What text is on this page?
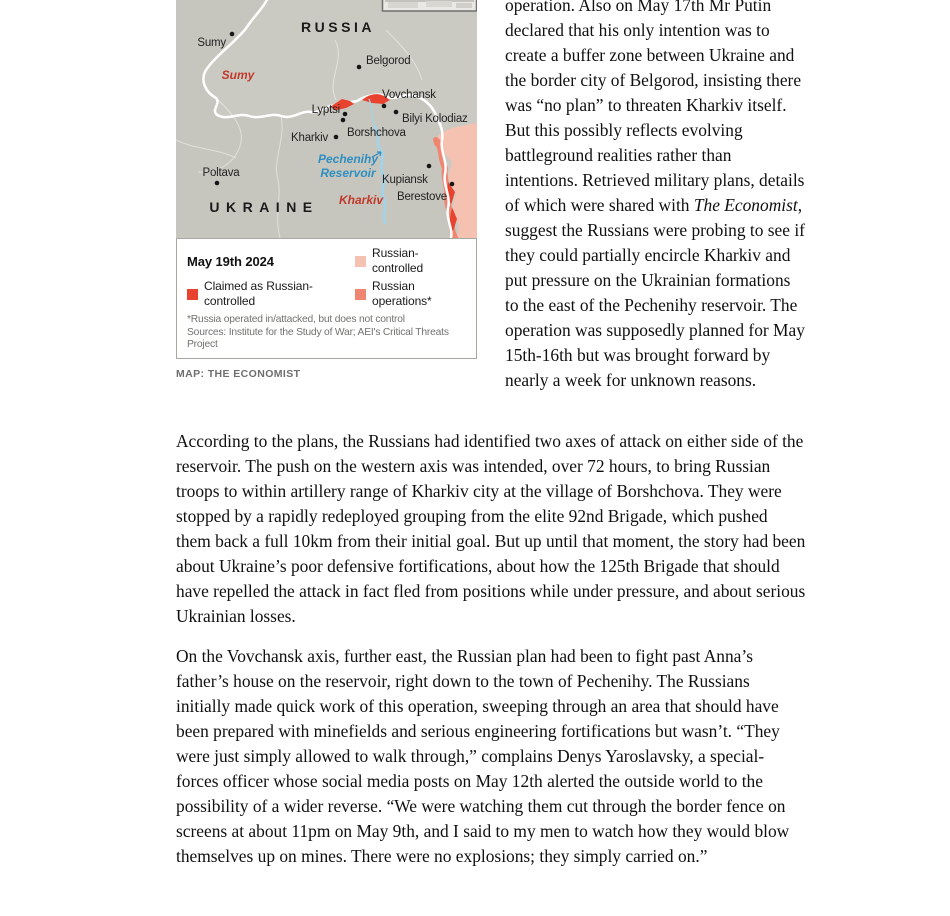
RUSSIA
UKRAINE
Sumy
Kharkiv
Sumy
Belgorod
Vovchansk
Bilyi Kolodiaz
Lyptsi
Borshchova
Kharkiv
Pechenihy
Reservoir
Poltava
Kupiansk
Berestove
May 19th 2024
Russian-controlled
Claimed as Russian-controlled
Russian operations*
*Russia operated in/attacked, but does not control
Sources: Institute for the Study of War; AEI's Critical Threats Project
MAP: THE ECONOMIST

operation. Also on May 17th Mr Putin declared that his only intention was to create a buffer zone between Ukraine and the border city of Belgorod, insisting there was “no plan” to threaten Kharkiv itself. But this possibly reflects evolving battleground realities rather than intentions. Retrieved military plans, details of which were shared with The Economist, suggest the Russians were probing to see if they could partially encircle Kharkiv and put pressure on the Ukrainian formations to the east of the Pechenihy reservoir. The operation was supposedly planned for May 15th-16th but was brought forward by nearly a week for unknown reasons.

According to the plans, the Russians had identified two axes of attack on either side of the reservoir. The push on the western axis was intended, over 72 hours, to bring Russian troops to within artillery range of Kharkiv city at the village of Borshchova. They were stopped by a rapidly redeployed grouping from the elite 92nd Brigade, which pushed them back a full 10km from their initial goal. But up until that moment, the story had been about Ukraine’s poor defensive fortifications, about how the 125th Brigade that should have repelled the attack in fact fled from positions while under pressure, and about serious Ukrainian losses.

On the Vovchansk axis, further east, the Russian plan had been to fight past Anna’s father’s house on the reservoir, right down to the town of Pechenihy. The Russians initially made quick work of this operation, sweeping through an area that should have been prepared with minefields and serious engineering fortifications but wasn’t. “They were just simply allowed to walk through,” complains Denys Yaroslavsky, a special-forces officer whose social media posts on May 12th alerted the outside world to the possibility of a wider reverse. “We were watching them cut through the border fence on screens at about 11pm on May 9th, and I said to my men to watch how they would blow themselves up on mines. There were no explosions; they simply carried on.”
